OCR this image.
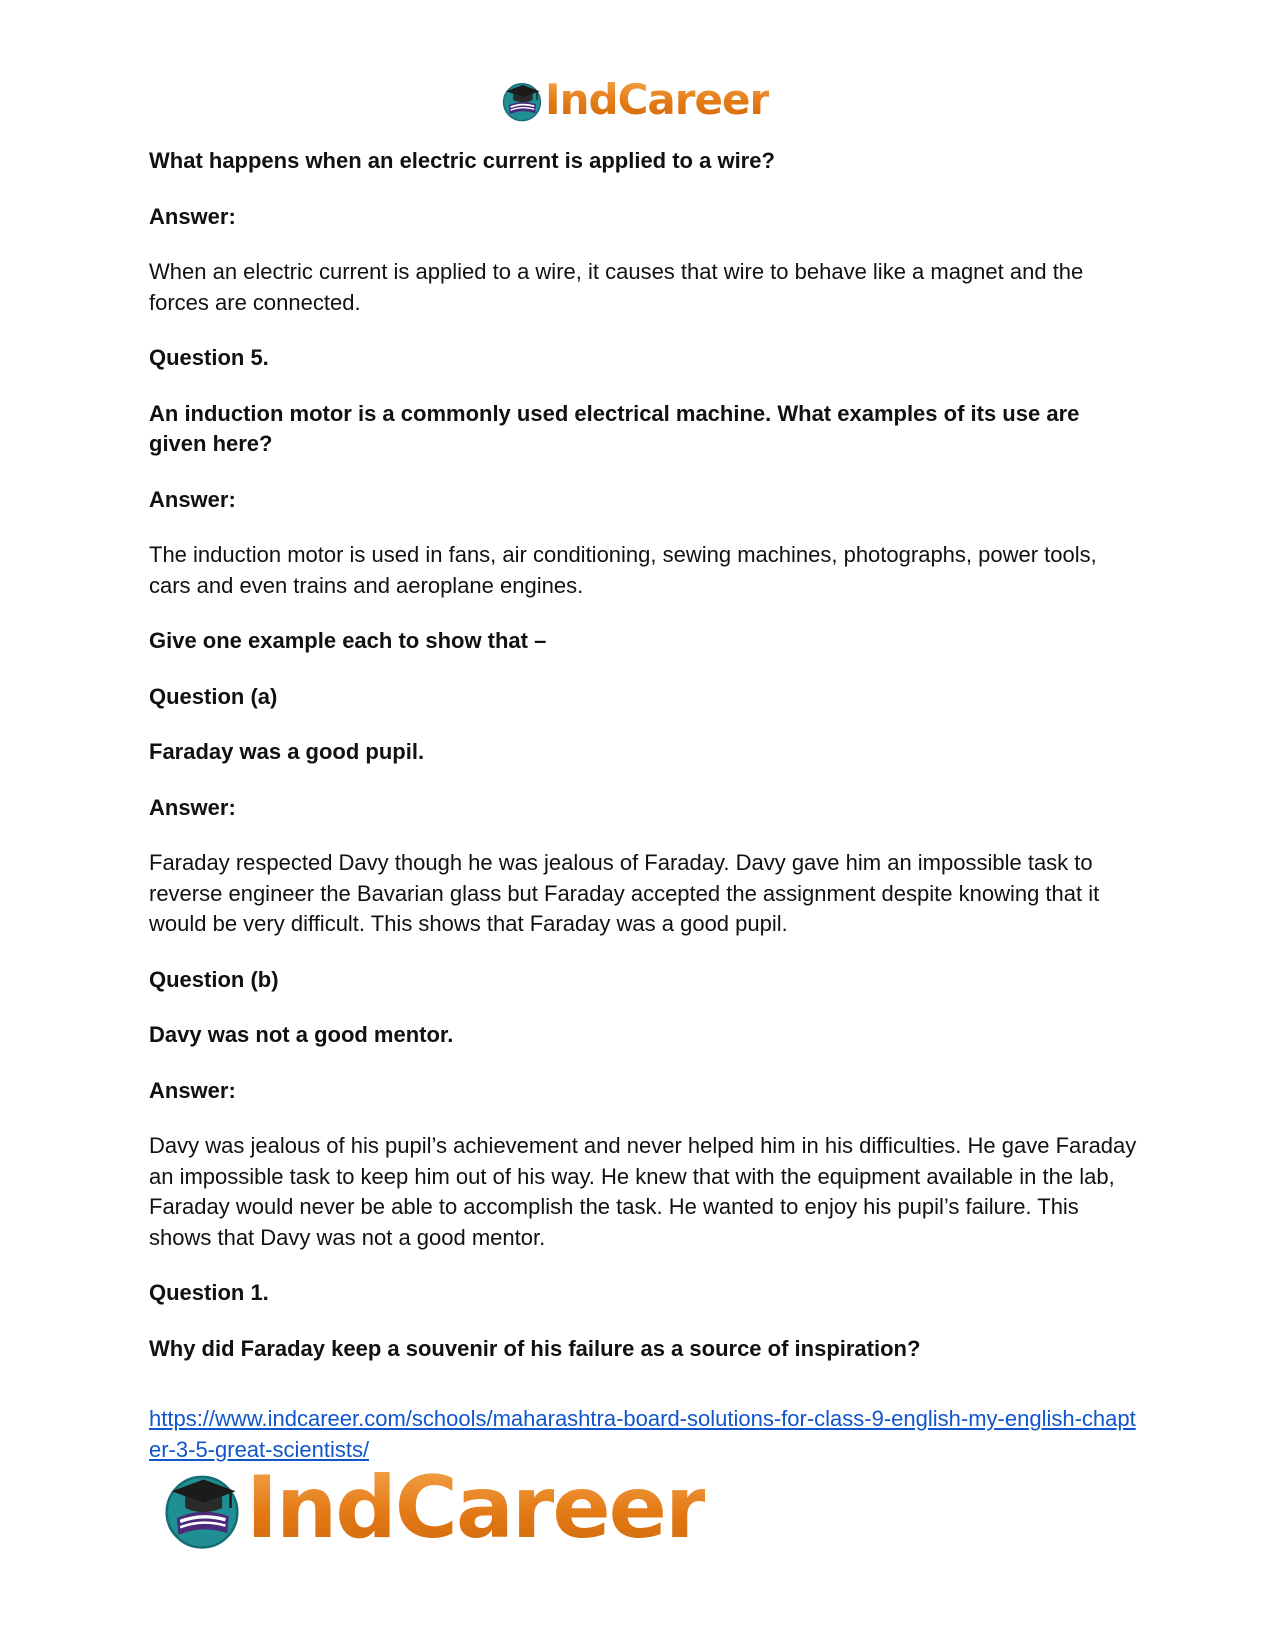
IndCareer

What happens when an electric current is applied to a wire?

Answer:

When an electric current is applied to a wire, it causes that wire to behave like a magnet and the forces are connected.

Question 5.

An induction motor is a commonly used electrical machine. What examples of its use are given here?

Answer:

The induction motor is used in fans, air conditioning, sewing machines, photographs, power tools, cars and even trains and aeroplane engines.

Give one example each to show that –

Question (a)

Faraday was a good pupil.

Answer:

Faraday respected Davy though he was jealous of Faraday. Davy gave him an impossible task to reverse engineer the Bavarian glass but Faraday accepted the assignment despite knowing that it would be very difficult. This shows that Faraday was a good pupil.

Question (b)

Davy was not a good mentor.

Answer:

Davy was jealous of his pupil’s achievement and never helped him in his difficulties. He gave Faraday an impossible task to keep him out of his way. He knew that with the equipment available in the lab, Faraday would never be able to accomplish the task. He wanted to enjoy his pupil’s failure. This shows that Davy was not a good mentor.

Question 1.

Why did Faraday keep a souvenir of his failure as a source of inspiration?

https://www.indcareer.com/schools/maharashtra-board-solutions-for-class-9-english-my-english-chapter-3-5-great-scientists/
IndCareer
